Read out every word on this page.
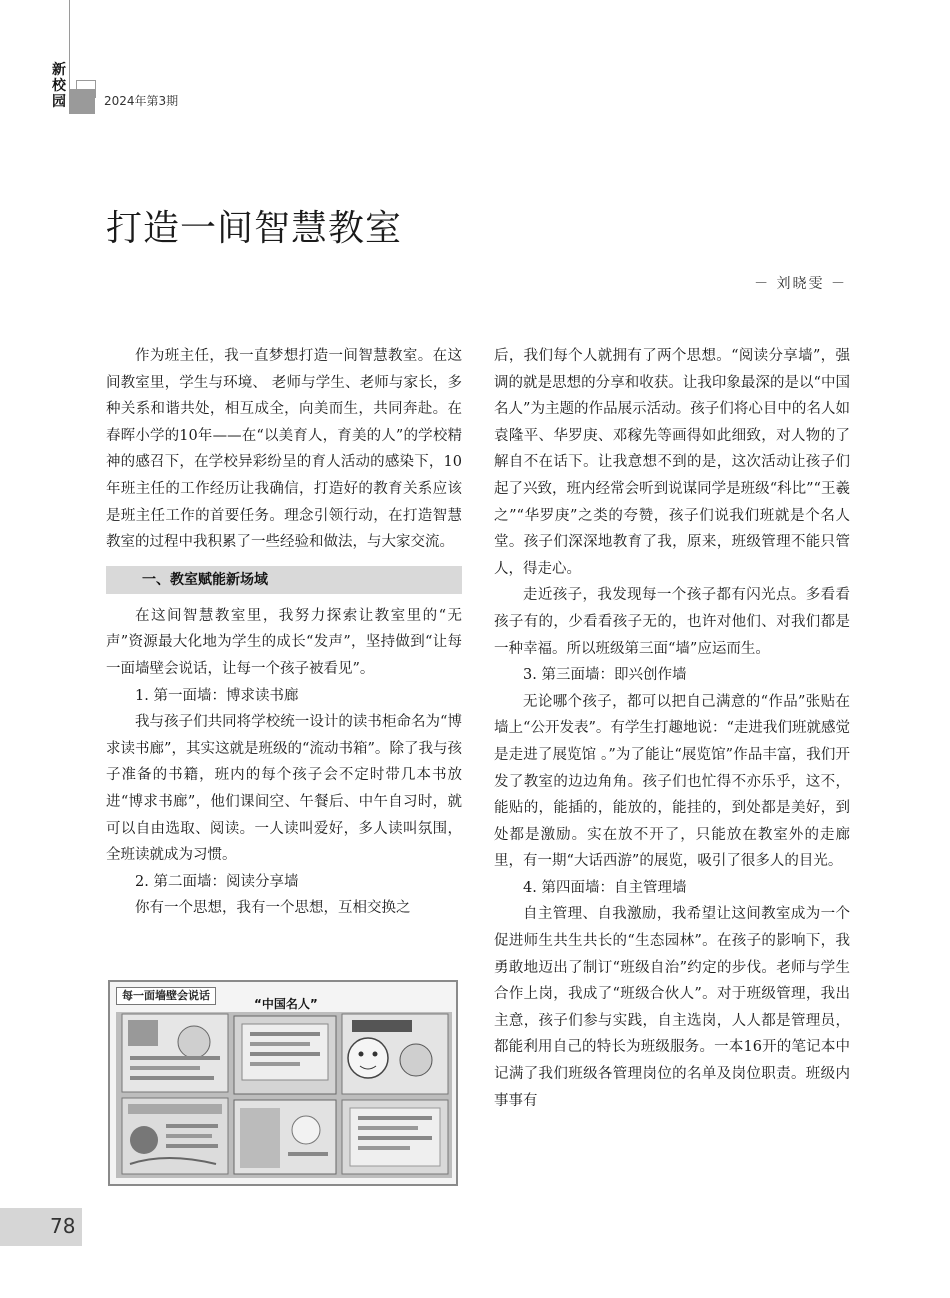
新
校
园	2024年第3期
打造一间智慧教室
－ 刘晓雯 －

作为班主任，我一直梦想打造一间智慧教室。在这间教室里，学生与环境、 老师与学生、老师与家长，多种关系和谐共处，相互成全，向美而生，共同奔赴。在春晖小学的10年——在“以美育人，育美的人”的学校精神的感召下，在学校异彩纷呈的育人活动的感染下，10年班主任的工作经历让我确信，打造好的教育关系应该是班主任工作的首要任务。理念引领行动，在打造智慧教室的过程中我积累了一些经验和做法，与大家交流。

一、教室赋能新场域

在这间智慧教室里，我努力探索让教室里的“无声”资源最大化地为学生的成长“发声”，坚持做到“让每一面墙壁会说话，让每一个孩子被看见”。

1. 第一面墙：博求读书廊

我与孩子们共同将学校统一设计的读书柜命名为“博求读书廊”，其实这就是班级的“流动书箱”。除了我与孩子准备的书籍，班内的每个孩子会不定时带几本书放进“博求书廊”，他们课间空、午餐后、中午自习时，就可以自由选取、阅读。一人读叫爱好，多人读叫氛围，全班读就成为习惯。

2. 第二面墙：阅读分享墙

你有一个思想，我有一个思想，互相交换之

每一面墙壁会说话
“中国名人”

后，我们每个人就拥有了两个思想。“阅读分享墙”，强调的就是思想的分享和收获。让我印象最深的是以“中国名人”为主题的作品展示活动。孩子们将心目中的名人如袁隆平、华罗庚、邓稼先等画得如此细致，对人物的了解自不在话下。让我意想不到的是，这次活动让孩子们起了兴致，班内经常会听到说谋同学是班级“科比”“王羲之”“华罗庚”之类的夸赞，孩子们说我们班就是个名人堂。孩子们深深地教育了我，原来，班级管理不能只管人，得走心。

走近孩子，我发现每一个孩子都有闪光点。多看看孩子有的，少看看孩子无的，也许对他们、对我们都是一种幸福。所以班级第三面“墙”应运而生。

3. 第三面墙：即兴创作墙

无论哪个孩子，都可以把自己满意的“作品”张贴在墙上“公开发表”。有学生打趣地说：“走进我们班就感觉是走进了展览馆 。”为了能让“展览馆”作品丰富，我们开发了教室的边边角角。孩子们也忙得不亦乐乎，这不，能贴的，能插的，能放的，能挂的，到处都是美好，到处都是激励。实在放不开了，只能放在教室外的走廊里，有一期“大话西游”的展览，吸引了很多人的目光。

4. 第四面墙：自主管理墙

自主管理、自我激励，我希望让这间教室成为一个促进师生共生共长的“生态园林”。在孩子的影响下，我勇敢地迈出了制订“班级自治”约定的步伐。老师与学生合作上岗，我成了“班级合伙人”。对于班级管理，我出主意，孩子们参与实践，自主选岗，人人都是管理员，都能利用自己的特长为班级服务。一本16开的笔记本中记满了我们班级各管理岗位的名单及岗位职责。班级内事事有

78
